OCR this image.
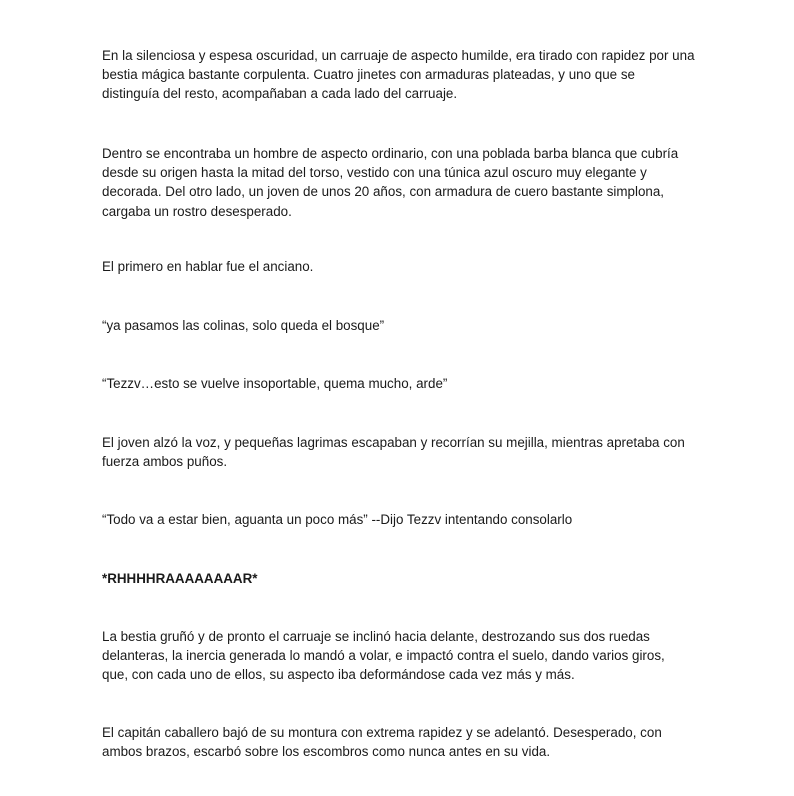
En la silenciosa y espesa oscuridad, un carruaje de aspecto humilde, era tirado con rapidez por una
bestia mágica bastante corpulenta. Cuatro jinetes con armaduras plateadas, y uno que se
distinguía del resto, acompañaban a cada lado del carruaje.

Dentro se encontraba un hombre de aspecto ordinario, con una poblada barba blanca que cubría
desde su origen hasta la mitad del torso, vestido con una túnica azul oscuro muy elegante y
decorada. Del otro lado, un joven de unos 20 años, con armadura de cuero bastante simplona,
cargaba un rostro desesperado.

El primero en hablar fue el anciano.

“ya pasamos las colinas, solo queda el bosque”

“Tezzv…esto se vuelve insoportable, quema mucho, arde”

El joven alzó la voz, y pequeñas lagrimas escapaban y recorrían su mejilla, mientras apretaba con
fuerza ambos puños.

“Todo va a estar bien, aguanta un poco más” --Dijo Tezzv intentando consolarlo

*RHHHHRAAAAAAAAR*

La bestia gruñó y de pronto el carruaje se inclinó hacia delante, destrozando sus dos ruedas
delanteras, la inercia generada lo mandó a volar, e impactó contra el suelo, dando varios giros,
que, con cada uno de ellos, su aspecto iba deformándose cada vez más y más.

El capitán caballero bajó de su montura con extrema rapidez y se adelantó. Desesperado, con
ambos brazos, escarbó sobre los escombros como nunca antes en su vida.
